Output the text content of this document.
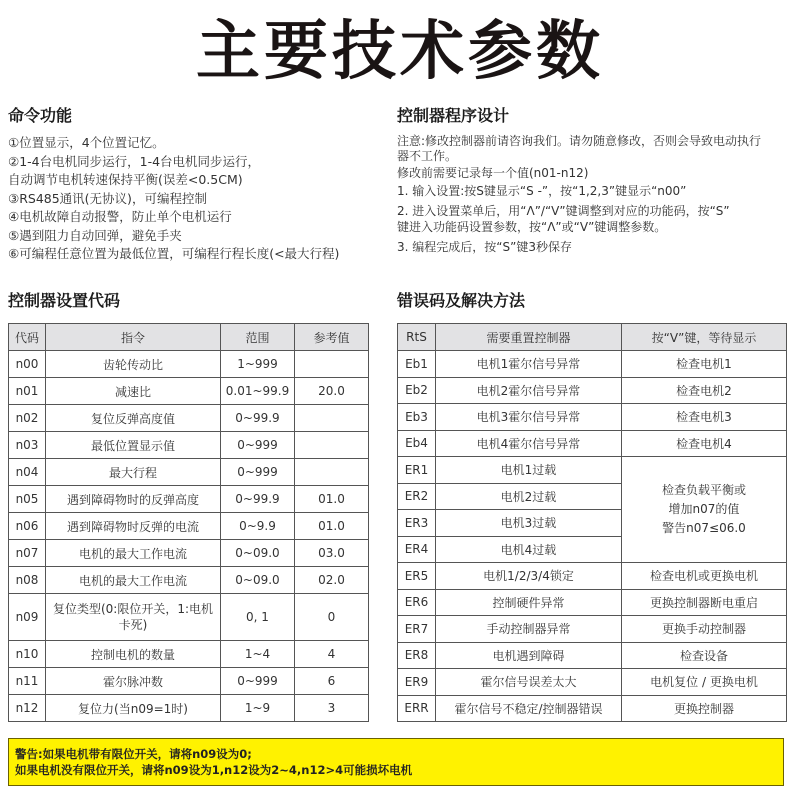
主要技术参数
命令功能
①位置显示，4个位置记忆。
②1-4台电机同步运行，1-4台电机同步运行，
自动调节电机转速保持平衡(误差<0.5CM)
③RS485通讯(无协议)，可编程控制
④电机故障自动报警，防止单个电机运行
⑤遇到阻力自动回弹，避免手夹
⑥可编程任意位置为最低位置，可编程行程长度(<最大行程)
控制器程序设计
注意:修改控制器前请咨询我们。请勿随意修改，否则会导致电动执行
器不工作。
修改前需要记录每一个值(n01-n12)
1. 输入设置:按S键显示“S -”，按“1,2,3”键显示“n00”
2. 进入设置菜单后，用“Λ”/“V”键调整到对应的功能码，按“S”
键进入功能码设置参数，按“Λ”或“V”键调整参数。
3. 编程完成后，按“S”键3秒保存
控制器设置代码
代码	指令	范围	参考值
n00	齿轮传动比	1~999	
n01	减速比	0.01~99.9	20.0
n02	复位反弹高度值	0~99.9	
n03	最低位置显示值	0~999	
n04	最大行程	0~999	
n05	遇到障碍物时的反弹高度	0~99.9	01.0
n06	遇到障碍物时反弹的电流	0~9.9	01.0
n07	电机的最大工作电流	0~09.0	03.0
n08	电机的最大工作电流	0~09.0	02.0
n09	复位类型(0:限位开关，1:电机卡死)	0, 1	0
n10	控制电机的数量	1~4	4
n11	霍尔脉冲数	0~999	6
n12	复位力(当n09=1时)	1~9	3
错误码及解决方法
RtS	需要重置控制器	按“V”键，等待显示
Eb1	电机1霍尔信号异常	检查电机1
Eb2	电机2霍尔信号异常	检查电机2
Eb3	电机3霍尔信号异常	检查电机3
Eb4	电机4霍尔信号异常	检查电机4
ER1	电机1过载	检查负载平衡或
增加n07的值
警告n07≤06.0

ER2	电机2过载	
ER3	电机3过载	
ER4	电机4过载	
ER5	电机1/2/3/4锁定	检查电机或更换电机
ER6	控制硬件异常	更换控制器断电重启
ER7	手动控制器异常	更换手动控制器
ER8	电机遇到障碍	检查设备
ER9	霍尔信号误差太大	电机复位 / 更换电机
ERR	霍尔信号不稳定/控制器错误	更换控制器
警告:如果电机带有限位开关，请将n09设为0;
如果电机没有限位开关，请将n09设为1,n12设为2~4,n12>4可能损坏电机
